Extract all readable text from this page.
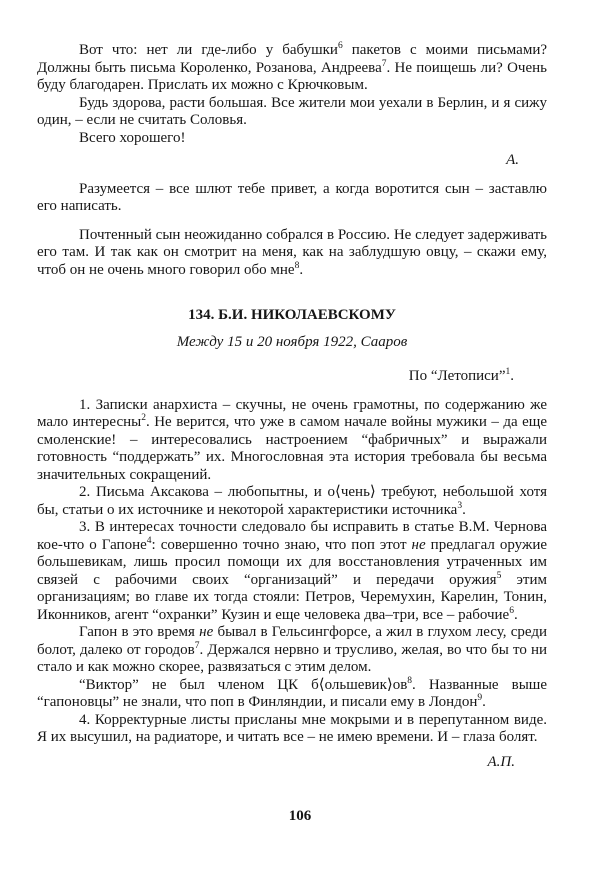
Вот что: нет ли где-либо у бабушки$^6$ пакетов с моими письмами? Должны быть письма Короленко, Розанова, Андреева$^7$. Не поищешь ли? Очень буду благодарен. Прислать их можно с Крючковым.
Будь здорова, расти большая. Все жители мои уехали в Берлин, и я сижу один, – если не считать Соловья.
Всего хорошего!
А.
Разумеется – все шлют тебе привет, а когда воротится сын – заставлю его написать.
Почтенный сын неожиданно собрался в Россию. Не следует задерживать его там. И так как он смотрит на меня, как на заблудшую овцу, – скажи ему, чтоб он не очень много говорил обо мне$^8$.
134. Б.И. НИКОЛАЕВСКОМУ
Между 15 и 20 ноября 1922, Сааров
По “Летописи”$^1$.
1. Записки анархиста – скучны, не очень грамотны, по содержанию же мало интересны$^2$. Не верится, что уже в самом начале войны мужики – да еще смоленские! – интересовались настроением “фабричных” и выражали готовность “поддержать” их. Многословная эта история требовала бы весьма значительных сокращений.
2. Письма Аксакова – любопытны, и о⟨чень⟩ требуют, небольшой хотя бы, статьи о их источнике и некоторой характеристики источника$^3$.
3. В интересах точности следовало бы исправить в статье В.М. Чернова кое-что о Гапоне$^4$: совершенно точно знаю, что поп этот не предлагал оружие большевикам, лишь просил помощи их для восстановления утраченных им связей с рабочими своих “организаций” и передачи оружия$^5$ этим организациям; во главе их тогда стояли: Петров, Черемухин, Карелин, Тонин, Иконников, агент “охранки” Кузин и еще человека два–три, все – рабочие$^6$.
Гапон в это время не бывал в Гельсингфорсе, а жил в глухом лесу, среди болот, далеко от городов$^7$. Держался нервно и трусливо, желая, во что бы то ни стало и как можно скорее, развязаться с этим делом.
“Виктор” не был членом ЦК $б⟨ольшевик⟩ов^8$. Названные выше “гапоновцы” не знали, что поп в Финляндии, и писали ему в Лондон$^9$.
4. Корректурные листы присланы мне мокрыми и в перепутанном виде. Я их высушил, на радиаторе, и читать все – не имею времени. И – глаза болят.
А.П.
106
